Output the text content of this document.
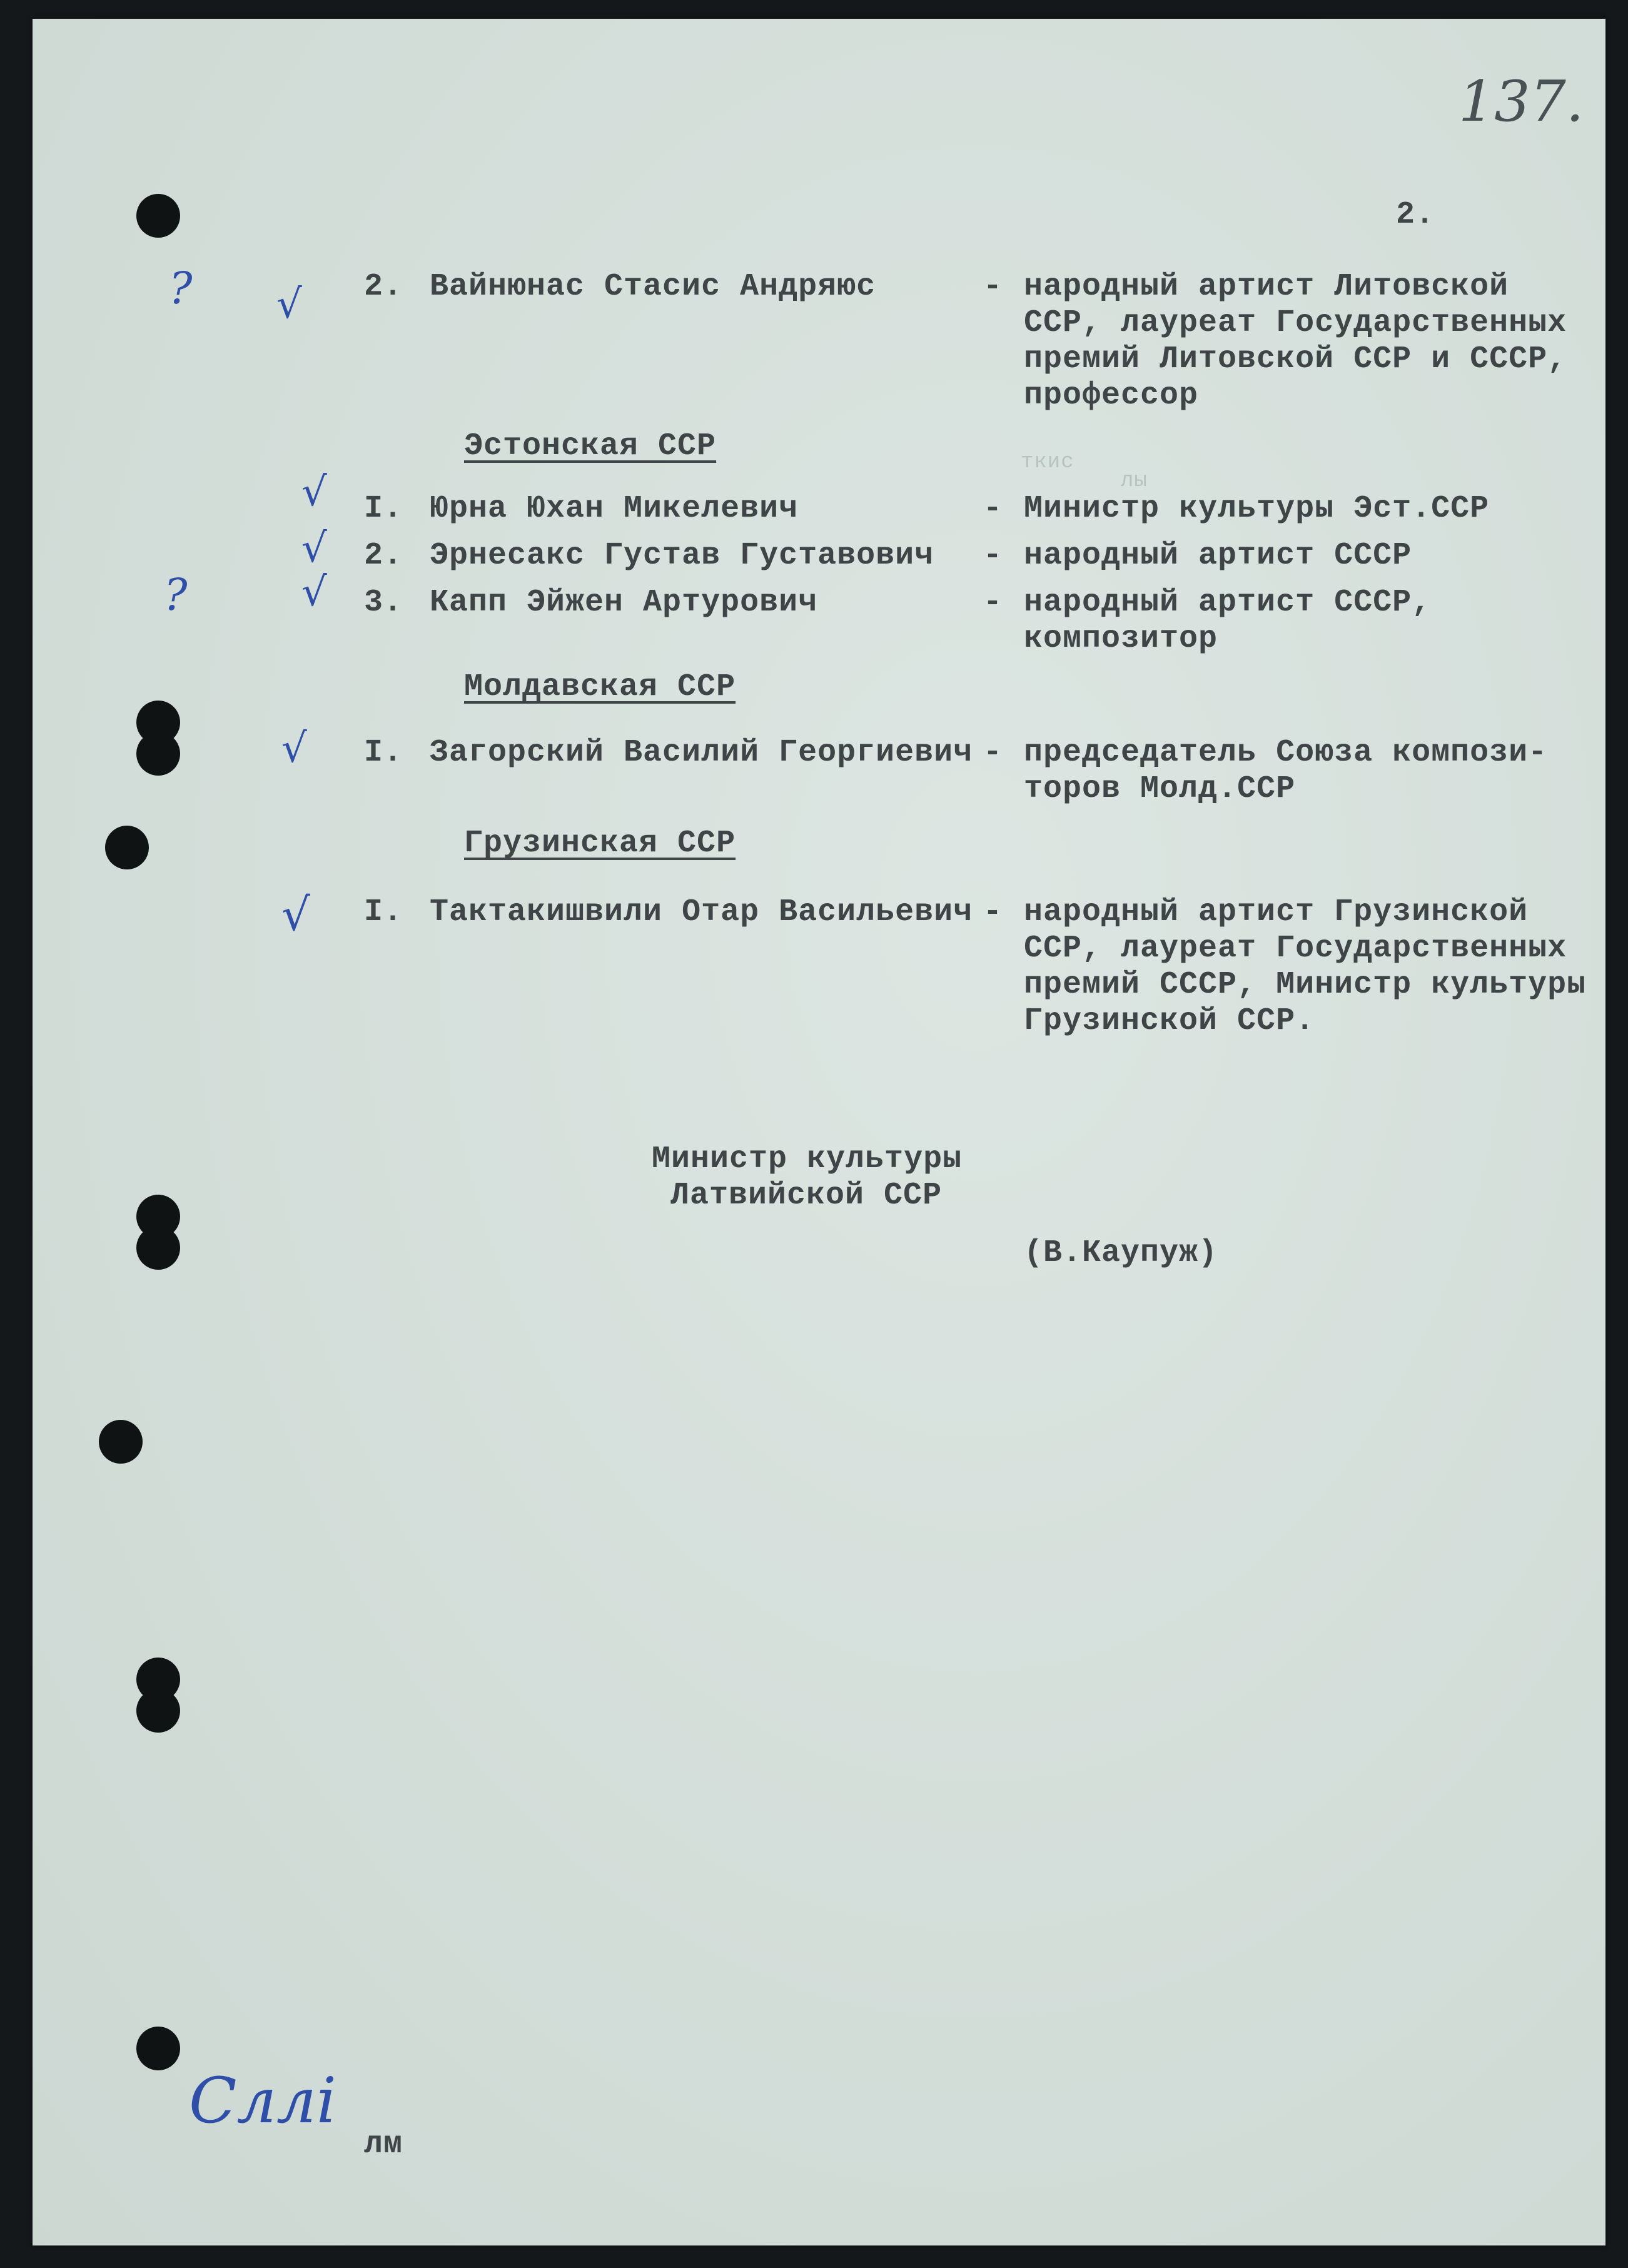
137.
2.
? √
√
√
?	√
√
√
2. Вайнюнас Стасис Андряюс	- народный артист Литовской
ССР, лауреат Государственных
премий Литовской ССР и СССР,
профессор
Эстонская ССР	ткис
лы
I. Юрна Юхан Микелевич	- Министр культуры Эст.ССР
2. Эрнесакс Густав Густавович - народный артист СССР
3. Капп Эйжен Артурович	- народный артист СССР,
композитор
Молдавская ССР
I. Загорский Василий Георгиевич - председатель Союза компози-
торов Молд.ССР
Грузинская ССР
I. Тактакишвили Отар Васильевич - народный артист Грузинской
ССР, лауреат Государственных
премий СССР, Министр культуры
Грузинской ССР.
Министр культуры
Латвийской ССР
(В.Каупуж)
Сллі
лм
